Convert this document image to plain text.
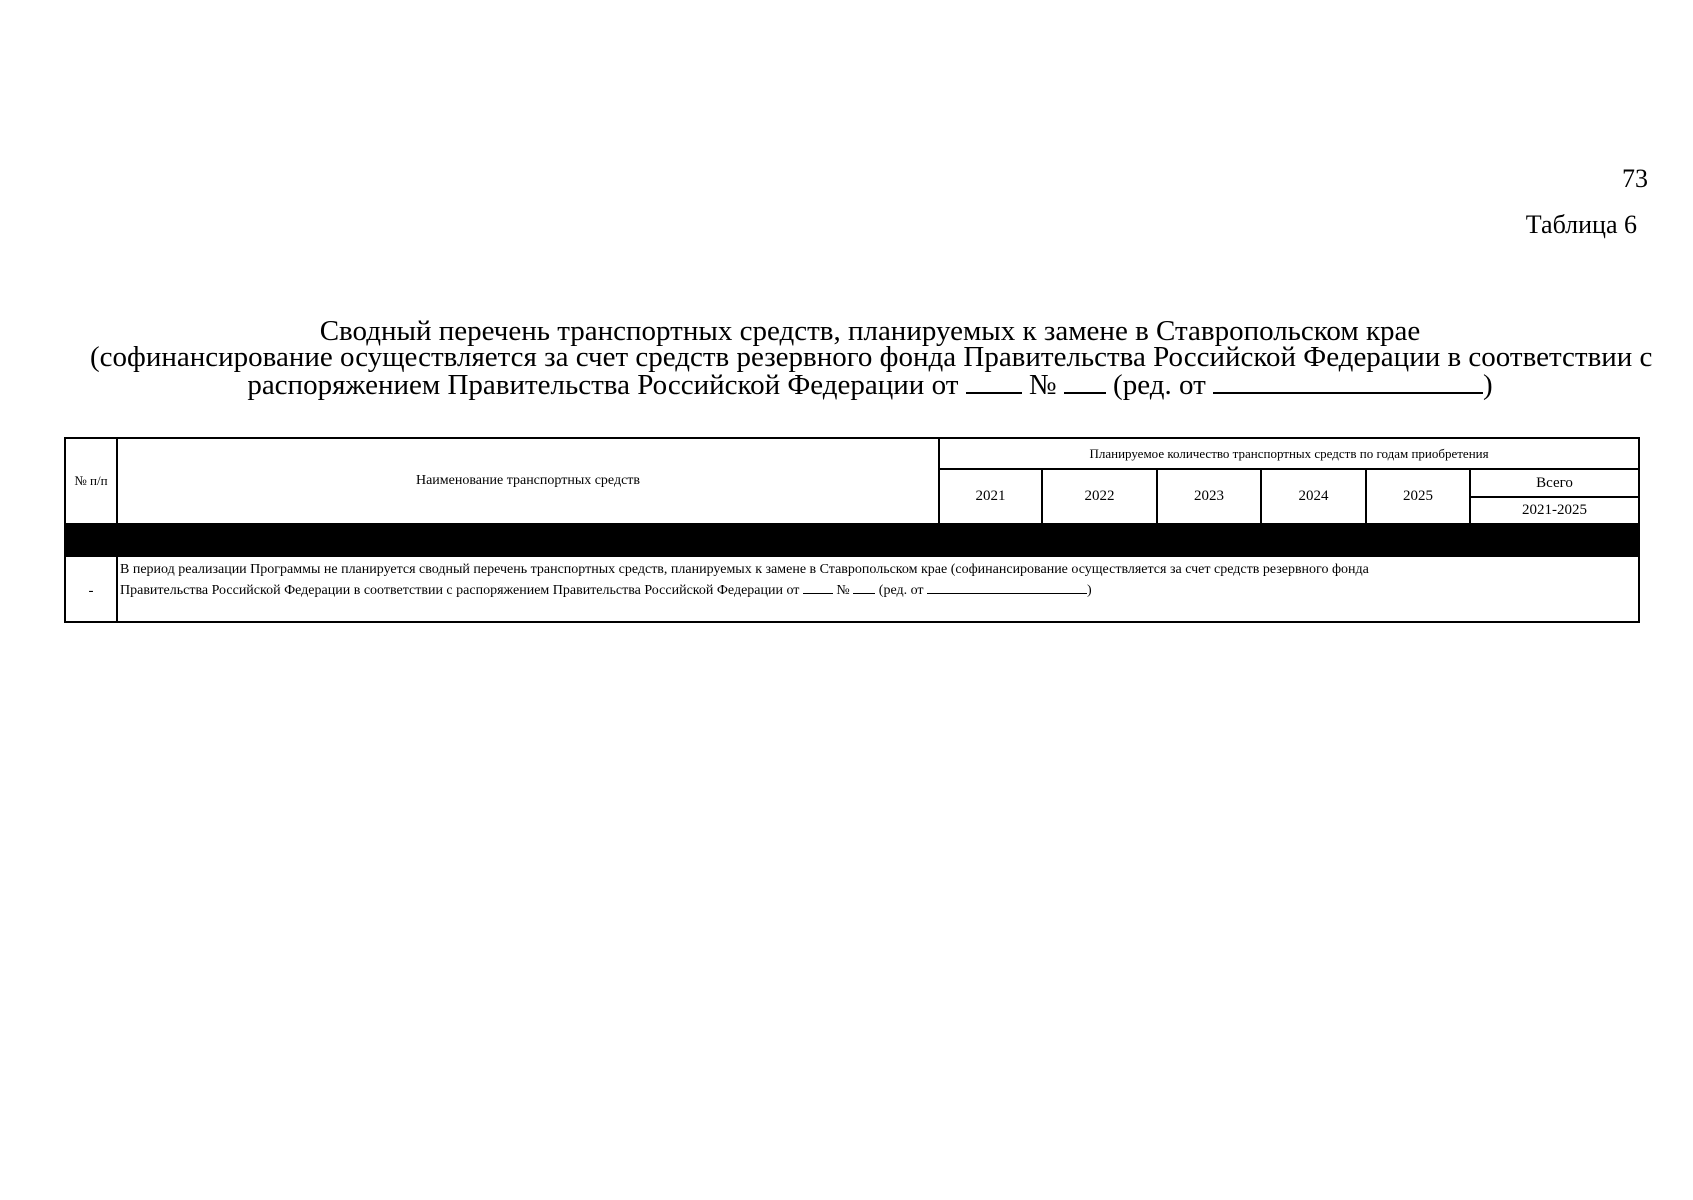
73
Таблица 6
Сводный перечень транспортных средств, планируемых к замене в Ставропольском крае
(софинансирование осуществляется за счет средств резервного фонда Правительства Российской Федерации в соответствии с
распоряжением Правительства Российской Федерации от № (ред. от	)
№ п/п	Наименование транспортных средств	Планируемое количество транспортных средств по годам приобретения					
		2021	2022	2023	2024	2025	Всего
							2021-2025

-	В период реализации Программы не планируется сводный перечень транспортных средств, планируемых к замене в Ставропольском крае (софинансирование осуществляется за счет средств резервного фонда
Правительства Российской Федерации в соответствии с распоряжением Правительства Российской Федерации от № (ред. от )						
